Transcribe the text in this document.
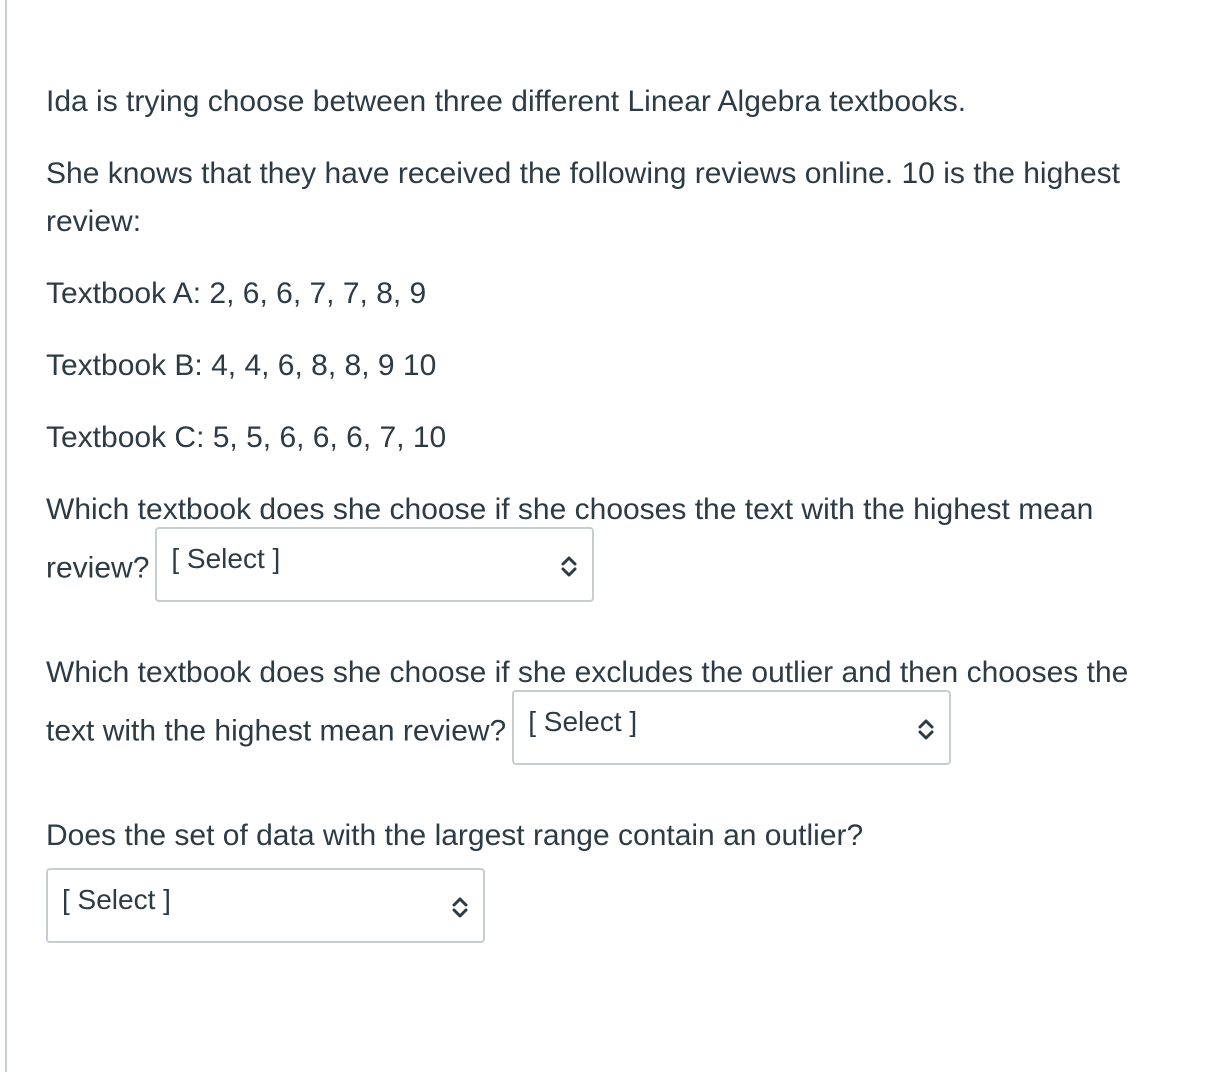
Ida is trying choose between three different Linear Algebra textbooks.

She knows that they have received the following reviews online. 10 is the highest review:

Textbook A: 2, 6, 6, 7, 7, 8, 9

Textbook B: 4, 4, 6, 8, 8, 9 10

Textbook C: 5, 5, 6, 6, 6, 7, 10

Which textbook does she choose if she chooses the text with the highest mean
review? [ Select ]
Which textbook does she choose if she excludes the outlier and then chooses the
text with the highest mean review? [ Select ]
Does the set of data with the largest range contain an outlier?
[ Select ]
